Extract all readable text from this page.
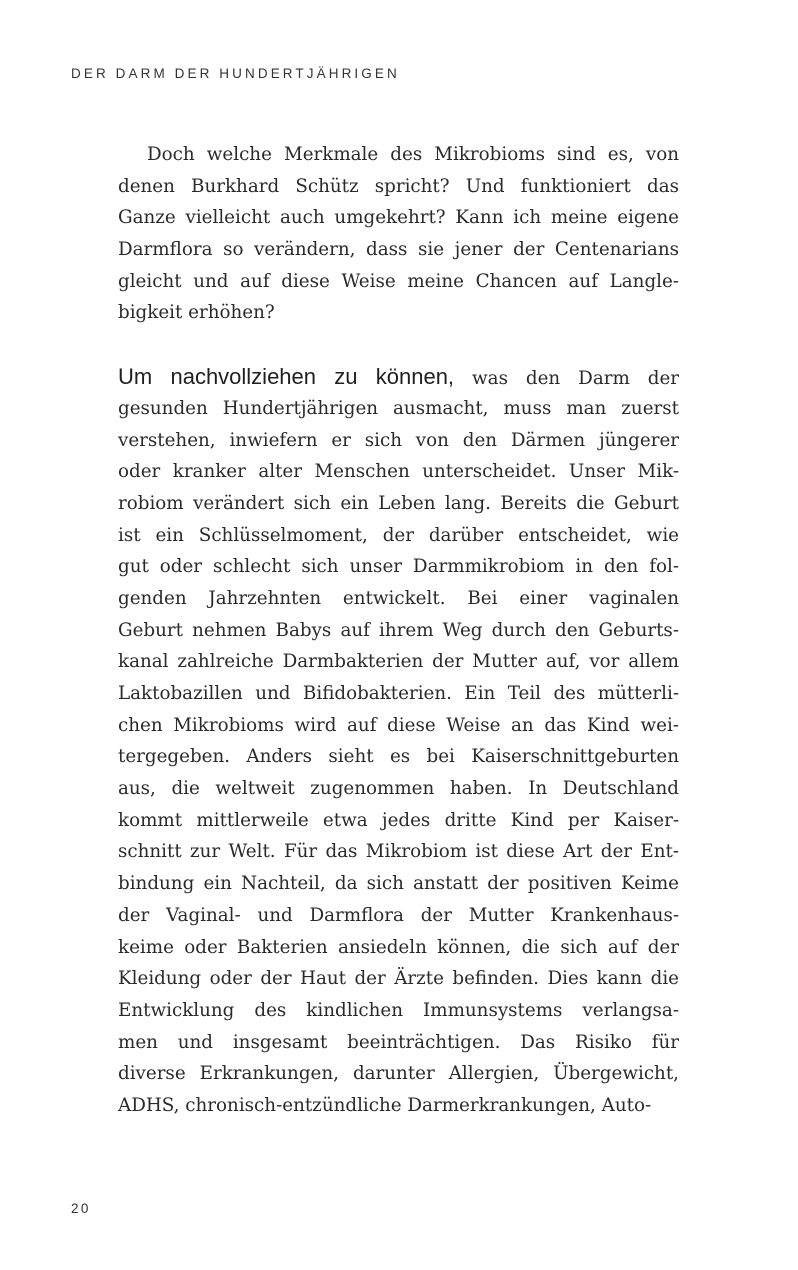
DER DARM DER HUNDERTJÄHRIGEN
Doch welche Merkmale des Mikrobioms sind es, von
denen Burkhard Schütz spricht? Und funktioniert das
Ganze vielleicht auch umgekehrt? Kann ich meine eigene
Darmflora so verändern, dass sie jener der Centenarians
gleicht und auf diese Weise meine Chancen auf Langle-
bigkeit erhöhen?
Um nachvollziehen zu können, was den Darm der
gesunden Hundertjährigen ausmacht, muss man zuerst
verstehen, inwiefern er sich von den Därmen jüngerer
oder kranker alter Menschen unterscheidet. Unser Mik-
robiom verändert sich ein Leben lang. Bereits die Geburt
ist ein Schlüsselmoment, der darüber entscheidet, wie
gut oder schlecht sich unser Darmmikrobiom in den fol-
genden Jahrzehnten entwickelt. Bei einer vaginalen
Geburt nehmen Babys auf ihrem Weg durch den Geburts-
kanal zahlreiche Darmbakterien der Mutter auf, vor allem
Laktobazillen und Bifidobakterien. Ein Teil des mütterli-
chen Mikrobioms wird auf diese Weise an das Kind wei-
tergegeben. Anders sieht es bei Kaiserschnittgeburten
aus, die weltweit zugenommen haben. In Deutschland
kommt mittlerweile etwa jedes dritte Kind per Kaiser-
schnitt zur Welt. Für das Mikrobiom ist diese Art der Ent-
bindung ein Nachteil, da sich anstatt der positiven Keime
der Vaginal- und Darmflora der Mutter Krankenhaus-
keime oder Bakterien ansiedeln können, die sich auf der
Kleidung oder der Haut der Ärzte befinden. Dies kann die
Entwicklung des kindlichen Immunsystems verlangsa-
men und insgesamt beeinträchtigen. Das Risiko für
diverse Erkrankungen, darunter Allergien, Übergewicht,
ADHS, chronisch-entzündliche Darmerkrankungen, Auto-
20
